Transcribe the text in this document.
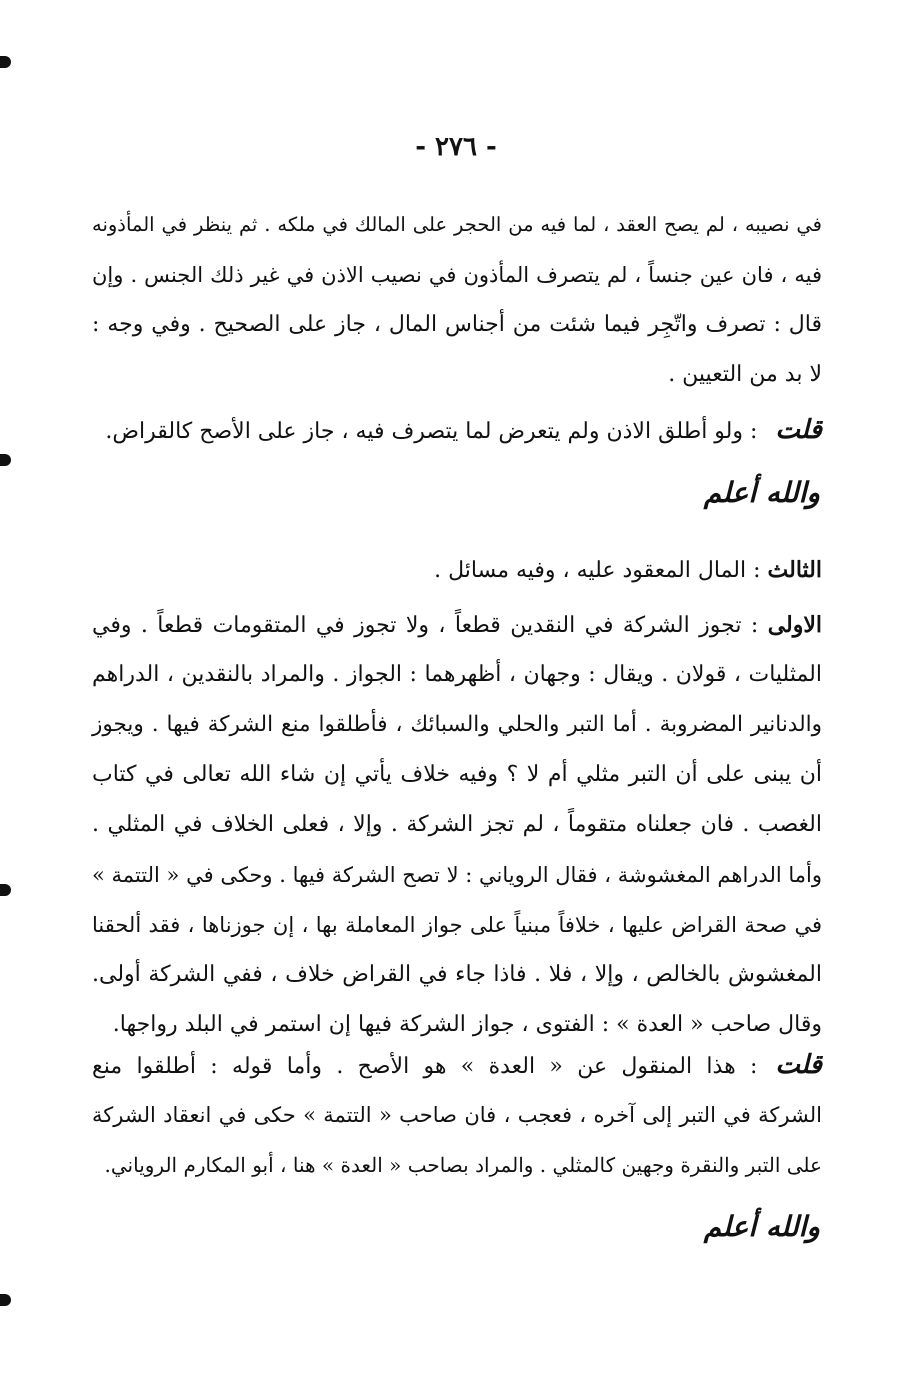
- ٢٧٦ -
في نصيبه ، لم يصح العقد ، لما فيه من الحجر على المالك في ملكه . ثم ينظر في المأذونه
فيه ، فان عين جنساً ، لم يتصرف المأذون في نصيب الاذن في غير ذلك الجنس . وإن
قال : تصرف واتّجِر فيما شئت من أجناس المال ، جاز على الصحيح . وفي وجه :
لا بد من التعيين .
قلت: ولو أطلق الاذن ولم يتعرض لما يتصرف فيه ، جاز على الأصح كالقراض.
والله أعلم
الثالث : المال المعقود عليه ، وفيه مسائل .
الاولى : تجوز الشركة في النقدين قطعاً ، ولا تجوز في المتقومات قطعاً . وفي
المثليات ، قولان . ويقال : وجهان ، أظهرهما : الجواز . والمراد بالنقدين ، الدراهم
والدنانير المضروبة . أما التبر والحلي والسبائك ، فأطلقوا منع الشركة فيها . ويجوز
أن يبنى على أن التبر مثلي أم لا ؟ وفيه خلاف يأتي إن شاء الله تعالى في كتاب
الغصب . فان جعلناه متقوماً ، لم تجز الشركة . وإلا ، فعلى الخلاف في المثلي .
وأما الدراهم المغشوشة ، فقال الروياني : لا تصح الشركة فيها . وحكى في « التتمة »
في صحة القراض عليها ، خلافاً مبنياً على جواز المعاملة بها ، إن جوزناها ، فقد ألحقنا
المغشوش بالخالص ، وإلا ، فلا . فاذا جاء في القراض خلاف ، ففي الشركة أولى.
وقال صاحب « العدة » : الفتوى ، جواز الشركة فيها إن استمر في البلد رواجها.
قلت: هذا المنقول عن « العدة » هو الأصح . وأما قوله : أطلقوا منع
الشركة في التبر إلى آخره ، فعجب ، فان صاحب « التتمة » حكى في انعقاد الشركة
على التبر والنقرة وجهين كالمثلي . والمراد بصاحب « العدة » هنا ، أبو المكارم الروياني.
والله أعلم
